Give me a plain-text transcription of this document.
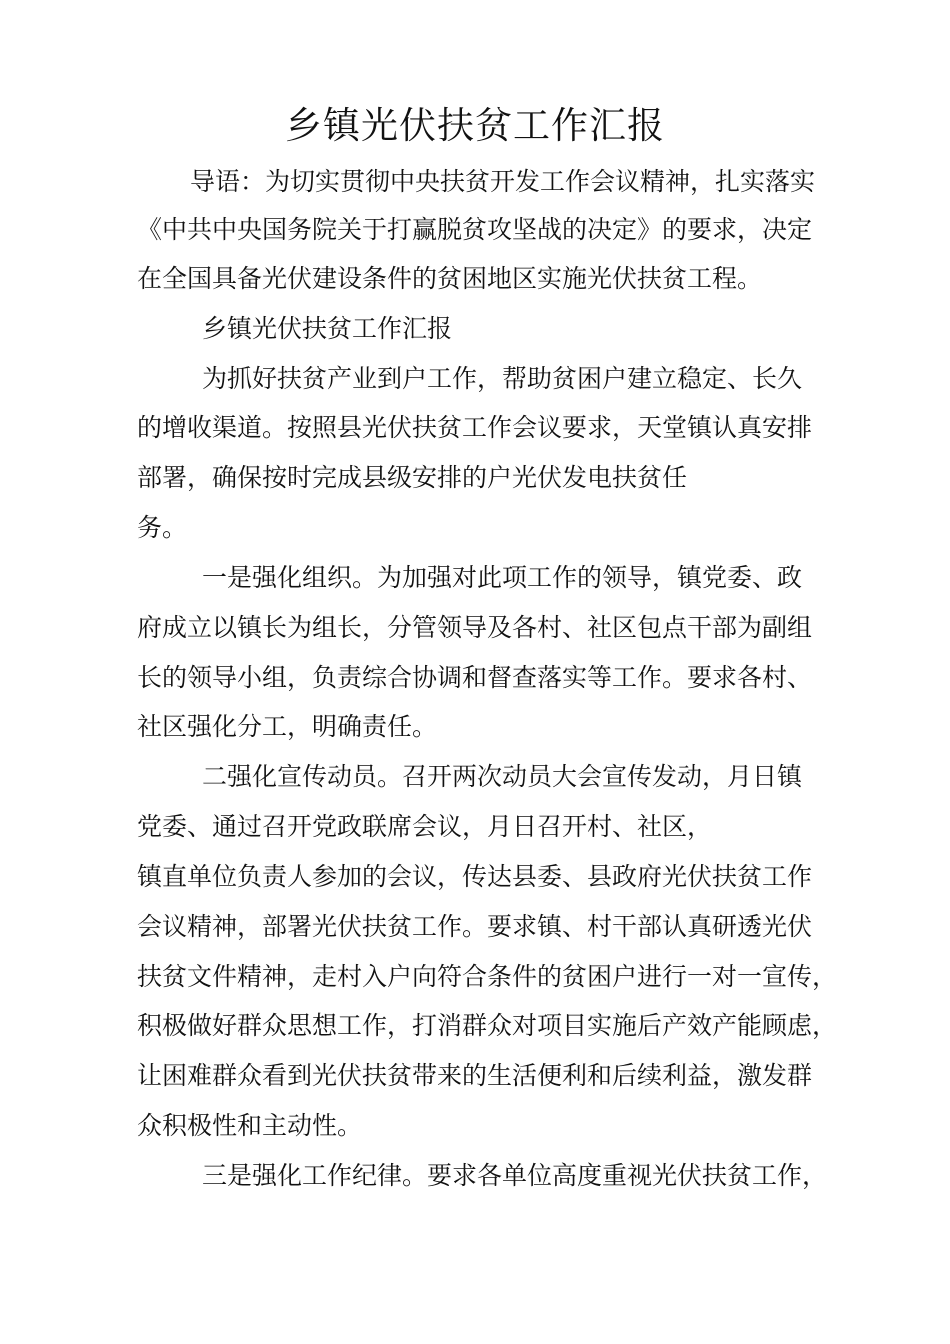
乡镇光伏扶贫工作汇报
导语：为切实贯彻中央扶贫开发工作会议精神，扎实落实
《中共中央国务院关于打赢脱贫攻坚战的决定》的要求，决定
在全国具备光伏建设条件的贫困地区实施光伏扶贫工程。
乡镇光伏扶贫工作汇报
为抓好扶贫产业到户工作，帮助贫困户建立稳定、长久
的增收渠道。按照县光伏扶贫工作会议要求，天堂镇认真安排
部署，确保按时完成县级安排的户光伏发电扶贫任
务。
一是强化组织。为加强对此项工作的领导，镇党委、政
府成立以镇长为组长，分管领导及各村、社区包点干部为副组
长的领导小组，负责综合协调和督查落实等工作。要求各村、
社区强化分工，明确责任。
二强化宣传动员。召开两次动员大会宣传发动，月日镇
党委、通过召开党政联席会议，月日召开村、社区，
镇直单位负责人参加的会议，传达县委、县政府光伏扶贫工作
会议精神，部署光伏扶贫工作。要求镇、村干部认真研透光伏
扶贫文件精神，走村入户向符合条件的贫困户进行一对一宣传，
积极做好群众思想工作，打消群众对项目实施后产效产能顾虑，
让困难群众看到光伏扶贫带来的生活便利和后续利益，激发群
众积极性和主动性。
三是强化工作纪律。要求各单位高度重视光伏扶贫工作，
